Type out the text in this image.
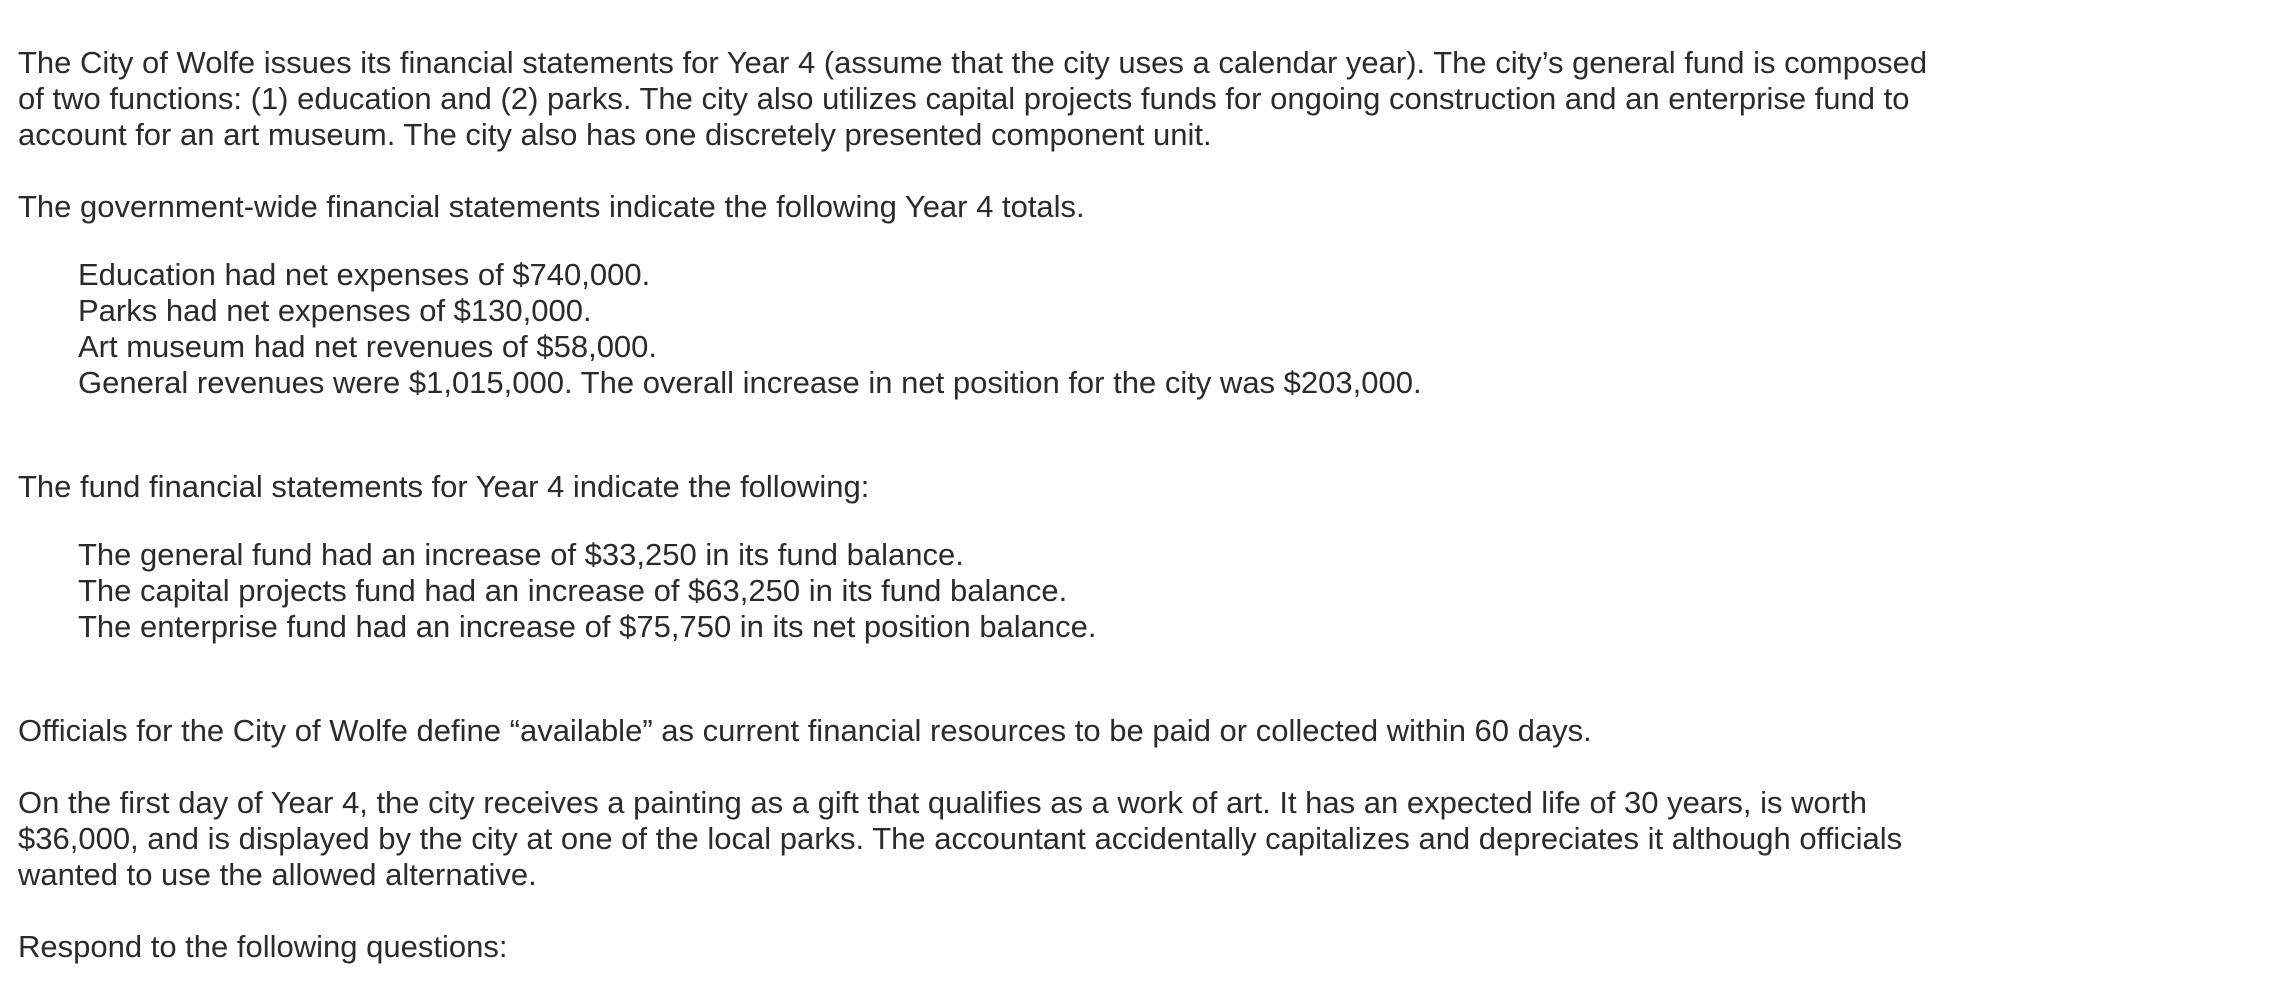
The City of Wolfe issues its financial statements for Year 4 (assume that the city uses a calendar year). The city’s general fund is composed of two functions: (1) education and (2) parks. The city also utilizes capital projects funds for ongoing construction and an enterprise fund to account for an art museum. The city also has one discretely presented component unit.

The government-wide financial statements indicate the following Year 4 totals.

Education had net expenses of $740,000.
Parks had net expenses of $130,000.
Art museum had net revenues of $58,000.
General revenues were $1,015,000. The overall increase in net position for the city was $203,000.

The fund financial statements for Year 4 indicate the following:

The general fund had an increase of $33,250 in its fund balance.
The capital projects fund had an increase of $63,250 in its fund balance.
The enterprise fund had an increase of $75,750 in its net position balance.

Officials for the City of Wolfe define “available” as current financial resources to be paid or collected within 60 days.

On the first day of Year 4, the city receives a painting as a gift that qualifies as a work of art. It has an expected life of 30 years, is worth $36,000, and is displayed by the city at one of the local parks. The accountant accidentally capitalizes and depreciates it although officials wanted to use the allowed alternative.

Respond to the following questions:
